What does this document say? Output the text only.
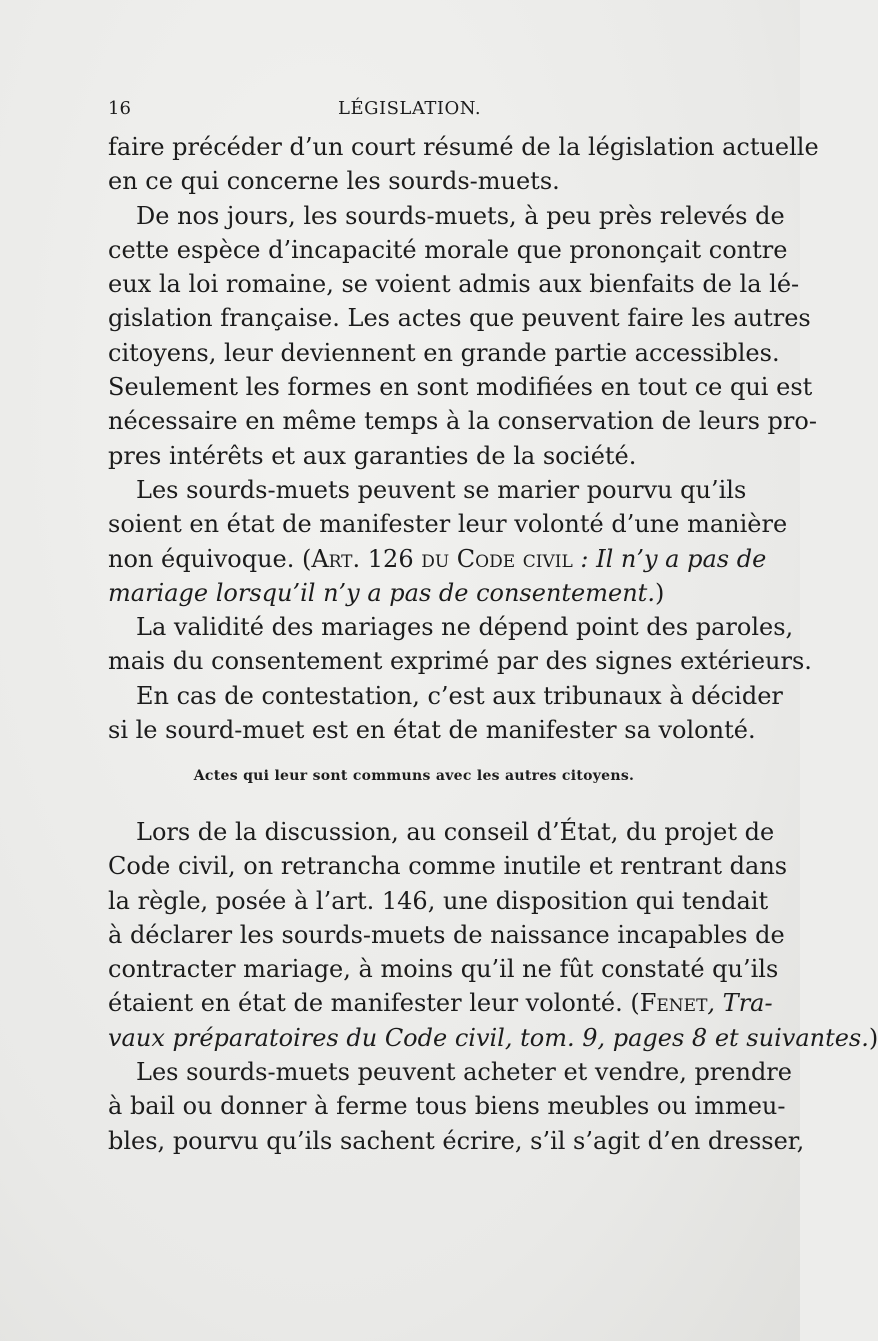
16	LÉGISLATION.
faire précéder d’un court résumé de la législation actuelle
en ce qui concerne les sourds-muets.
De nos jours, les sourds-muets, à peu près relevés de
cette espèce d’incapacité morale que prononçait contre
eux la loi romaine, se voient admis aux bienfaits de la lé-
gislation française. Les actes que peuvent faire les autres
citoyens, leur deviennent en grande partie accessibles.
Seulement les formes en sont modifiées en tout ce qui est
nécessaire en même temps à la conservation de leurs pro-
pres intérêts et aux garanties de la société.
Les sourds-muets peuvent se marier pourvu qu’ils
soient en état de manifester leur volonté d’une manière
non équivoque. (Art. 126 du Code civil : Il n’y a pas de
mariage lorsqu’il n’y a pas de consentement.)
La validité des mariages ne dépend point des paroles,
mais du consentement exprimé par des signes extérieurs.
En cas de contestation, c’est aux tribunaux à décider
si le sourd-muet est en état de manifester sa volonté.
Actes qui leur sont communs avec les autres citoyens.
Lors de la discussion, au conseil d’État, du projet de
Code civil, on retrancha comme inutile et rentrant dans
la règle, posée à l’art. 146, une disposition qui tendait
à déclarer les sourds-muets de naissance incapables de
contracter mariage, à moins qu’il ne fût constaté qu’ils
étaient en état de manifester leur volonté. (Fenet, Tra-
vaux préparatoires du Code civil, tom. 9, pages 8 et suivantes.)
Les sourds-muets peuvent acheter et vendre, prendre
à bail ou donner à ferme tous biens meubles ou immeu-
bles, pourvu qu’ils sachent écrire, s’il s’agit d’en dresser,
